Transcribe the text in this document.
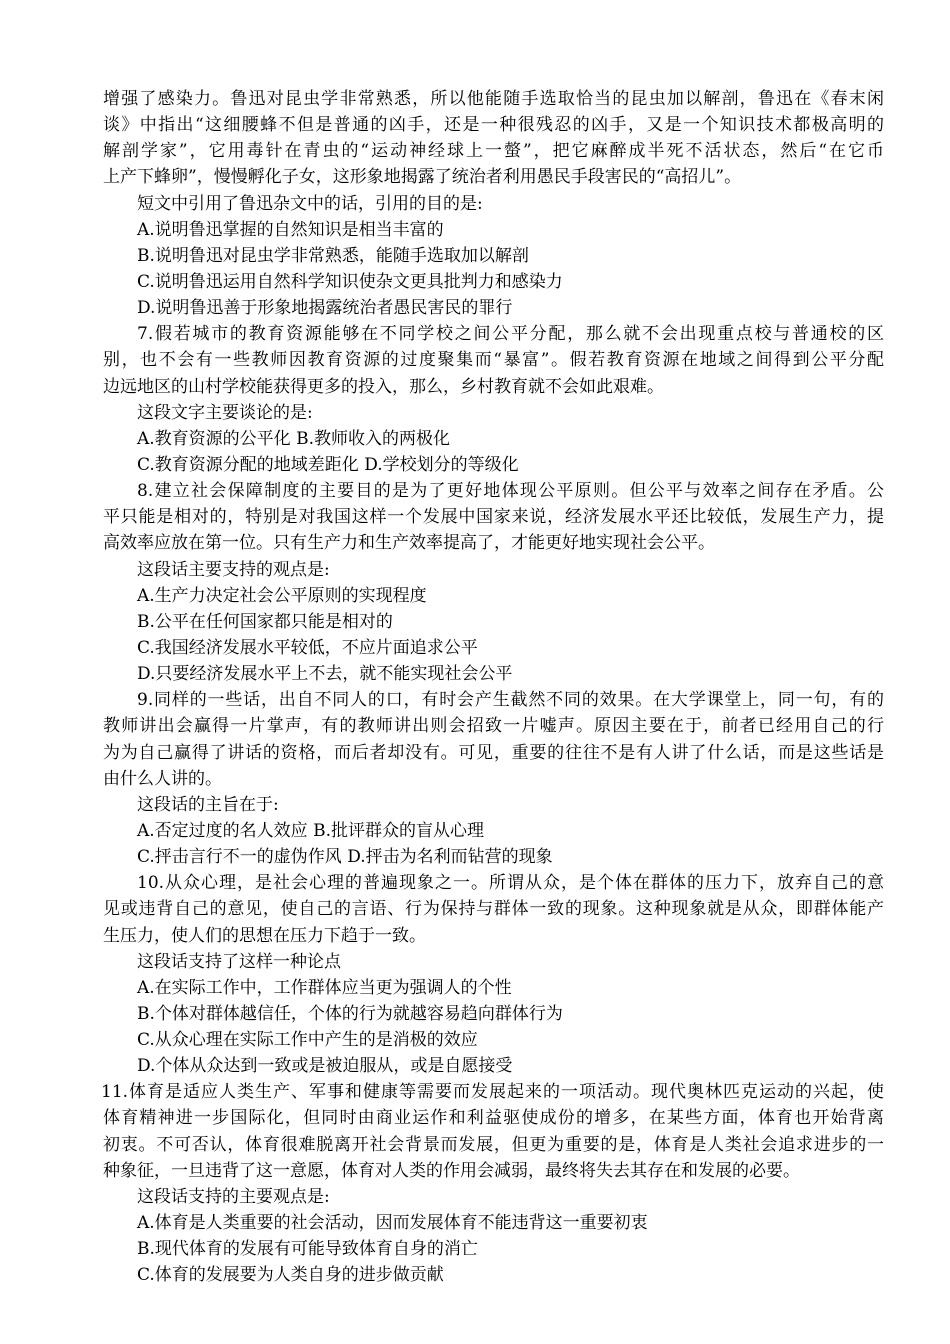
增强了感染力。鲁迅对昆虫学非常熟悉，所以他能随手选取恰当的昆虫加以解剖，鲁迅在《春末闲
谈》中指出“这细腰蜂不但是普通的凶手，还是一种很残忍的凶手，又是一个知识技术都极高明的
解剖学家”，它用毒针在青虫的“运动神经球上一螫”，把它麻醉成半死不活状态，然后“在它币
上产下蜂卵”，慢慢孵化子女，这形象地揭露了统治者利用愚民手段害民的“高招儿”。
短文中引用了鲁迅杂文中的话，引用的目的是:
A.说明鲁迅掌握的自然知识是相当丰富的
B.说明鲁迅对昆虫学非常熟悉，能随手选取加以解剖
C.说明鲁迅运用自然科学知识使杂文更具批判力和感染力
D.说明鲁迅善于形象地揭露统治者愚民害民的罪行
7.假若城市的教育资源能够在不同学校之间公平分配，那么就不会出现重点校与普通校的区
别，也不会有一些教师因教育资源的过度聚集而“暴富”。假若教育资源在地域之间得到公平分配
边远地区的山村学校能获得更多的投入，那么，乡村教育就不会如此艰难。
这段文字主要谈论的是:
A.教育资源的公平化 B.教师收入的两极化
C.教育资源分配的地域差距化 D.学校划分的等级化
8.建立社会保障制度的主要目的是为了更好地体现公平原则。但公平与效率之间存在矛盾。公
平只能是相对的，特别是对我国这样一个发展中国家来说，经济发展水平还比较低，发展生产力，提
高效率应放在第一位。只有生产力和生产效率提高了，才能更好地实现社会公平。
这段话主要支持的观点是:
A.生产力决定社会公平原则的实现程度
B.公平在任何国家都只能是相对的
C.我国经济发展水平较低，不应片面追求公平
D.只要经济发展水平上不去，就不能实现社会公平
9.同样的一些话，出自不同人的口，有时会产生截然不同的效果。在大学课堂上，同一句，有的
教师讲出会赢得一片掌声，有的教师讲出则会招致一片嘘声。原因主要在于，前者已经用自己的行
为为自己赢得了讲话的资格，而后者却没有。可见，重要的往往不是有人讲了什么话，而是这些话是
由什么人讲的。
这段话的主旨在于:
A.否定过度的名人效应 B.批评群众的盲从心理
C.抨击言行不一的虚伪作风 D.抨击为名利而钻营的现象
10.从众心理，是社会心理的普遍现象之一。所谓从众，是个体在群体的压力下，放弃自己的意
见或违背自己的意见，使自己的言语、行为保持与群体一致的现象。这种现象就是从众，即群体能产
生压力，使人们的思想在压力下趋于一致。
这段话支持了这样一种论点
A.在实际工作中，工作群体应当更为强调人的个性
B.个体对群体越信任，个体的行为就越容易趋向群体行为
C.从众心理在实际工作中产生的是消极的效应
D.个体从众达到一致或是被迫服从，或是自愿接受
11.体育是适应人类生产、军事和健康等需要而发展起来的一项活动。现代奥林匹克运动的兴起，使
体育精神进一步国际化，但同时由商业运作和利益驱使成份的增多，在某些方面，体育也开始背离
初衷。不可否认，体育很难脱离开社会背景而发展，但更为重要的是，体育是人类社会追求进步的一
种象征，一旦违背了这一意愿，体育对人类的作用会减弱，最终将失去其存在和发展的必要。
这段话支持的主要观点是:
A.体育是人类重要的社会活动，因而发展体育不能违背这一重要初衷
B.现代体育的发展有可能导致体育自身的消亡
C.体育的发展要为人类自身的进步做贡献
